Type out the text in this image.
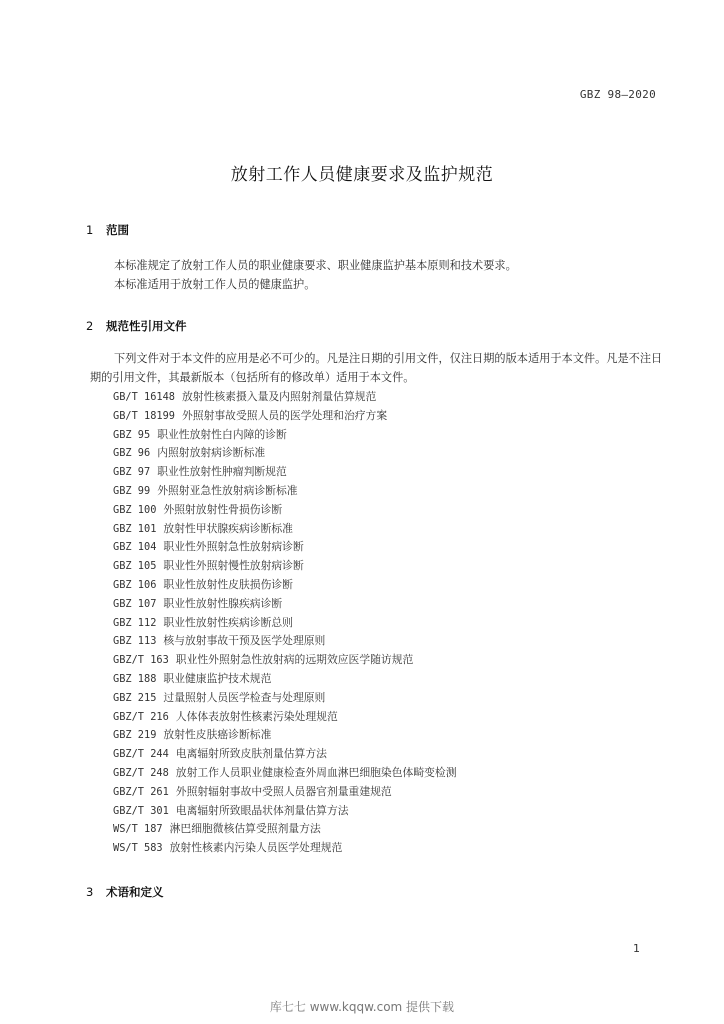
GBZ 98—2020
放射工作人员健康要求及监护规范
1 范围
本标准规定了放射工作人员的职业健康要求、职业健康监护基本原则和技术要求。
本标准适用于放射工作人员的健康监护。
2 规范性引用文件
下列文件对于本文件的应用是必不可少的。凡是注日期的引用文件，仅注日期的版本适用于本文件。凡是不注日期的引用文件，其最新版本（包括所有的修改单）适用于本文件。
GB/T 16148 放射性核素摄入量及内照射剂量估算规范
GB/T 18199 外照射事故受照人员的医学处理和治疗方案
GBZ 95 职业性放射性白内障的诊断
GBZ 96 内照射放射病诊断标准
GBZ 97 职业性放射性肿瘤判断规范
GBZ 99 外照射亚急性放射病诊断标准
GBZ 100 外照射放射性骨损伤诊断
GBZ 101 放射性甲状腺疾病诊断标准
GBZ 104 职业性外照射急性放射病诊断
GBZ 105 职业性外照射慢性放射病诊断
GBZ 106 职业性放射性皮肤损伤诊断
GBZ 107 职业性放射性腺疾病诊断
GBZ 112 职业性放射性疾病诊断总则
GBZ 113 核与放射事故干预及医学处理原则
GBZ/T 163 职业性外照射急性放射病的远期效应医学随访规范
GBZ 188 职业健康监护技术规范
GBZ 215 过量照射人员医学检查与处理原则
GBZ/T 216 人体体表放射性核素污染处理规范
GBZ 219 放射性皮肤癌诊断标准
GBZ/T 244 电离辐射所致皮肤剂量估算方法
GBZ/T 248 放射工作人员职业健康检查外周血淋巴细胞染色体畸变检测
GBZ/T 261 外照射辐射事故中受照人员器官剂量重建规范
GBZ/T 301 电离辐射所致眼晶状体剂量估算方法
WS/T 187 淋巴细胞微核估算受照剂量方法
WS/T 583 放射性核素内污染人员医学处理规范
3 术语和定义
1
库七七 www.kqqw.com 提供下载
